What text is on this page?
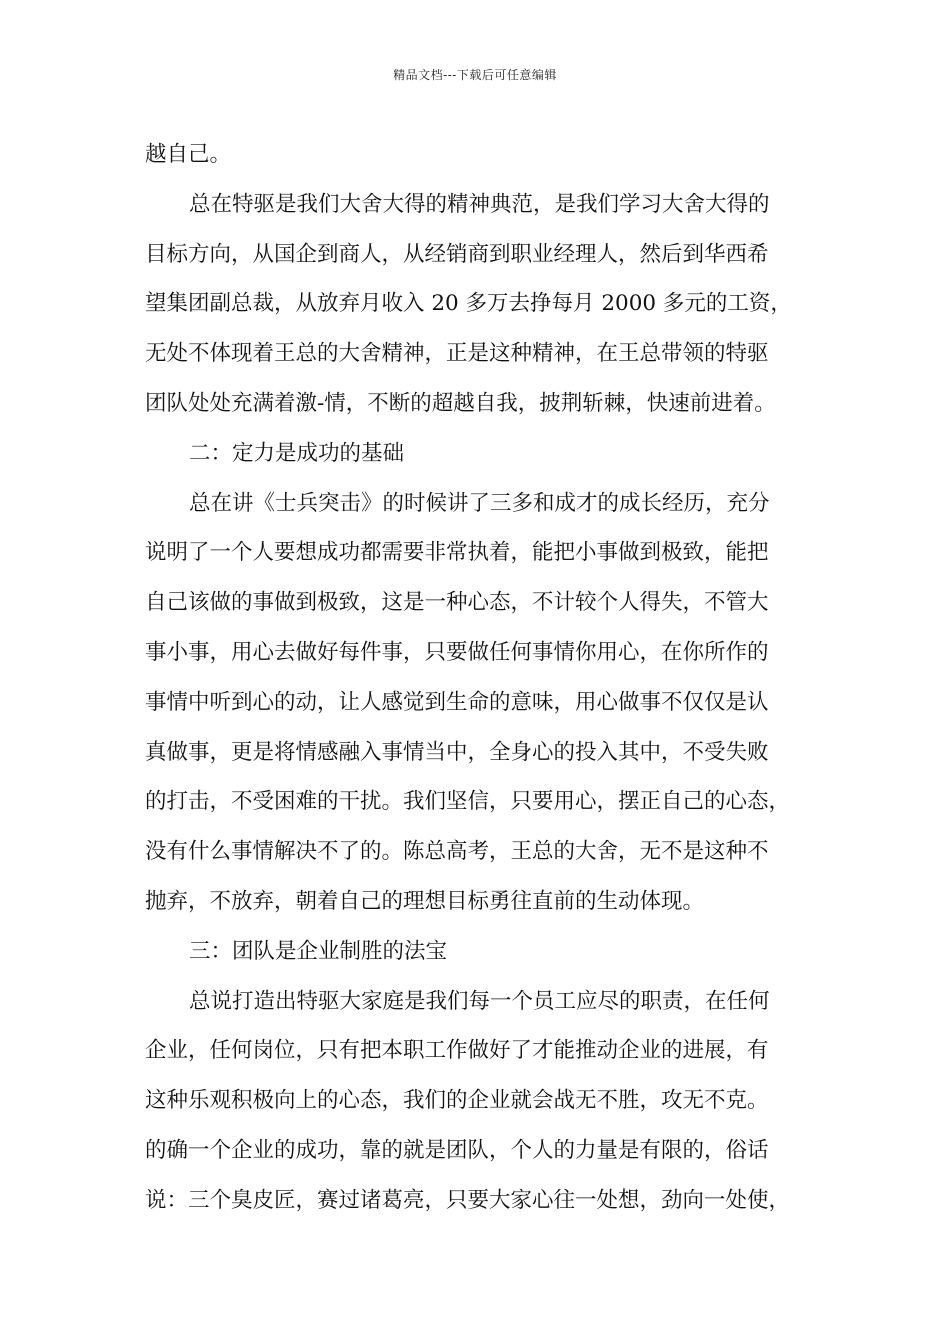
精品文档---下载后可任意编辑
越自己。
总在特驱是我们大舍大得的精神典范，是我们学习大舍大得的
目标方向，从国企到商人，从经销商到职业经理人，然后到华西希
望集团副总裁，从放弃月收入 20 多万去挣每月 2000 多元的工资，
无处不体现着王总的大舍精神，正是这种精神，在王总带领的特驱
团队处处充满着激-情，不断的超越自我，披荆斩棘，快速前进着。
二：定力是成功的基础
总在讲《士兵突击》的时候讲了三多和成才的成长经历，充分
说明了一个人要想成功都需要非常执着，能把小事做到极致，能把
自己该做的事做到极致，这是一种心态，不计较个人得失，不管大
事小事，用心去做好每件事，只要做任何事情你用心，在你所作的
事情中听到心的动，让人感觉到生命的意味，用心做事不仅仅是认
真做事，更是将情感融入事情当中，全身心的投入其中，不受失败
的打击，不受困难的干扰。我们坚信，只要用心，摆正自己的心态，
没有什么事情解决不了的。陈总高考，王总的大舍，无不是这种不
抛弃，不放弃，朝着自己的理想目标勇往直前的生动体现。
三：团队是企业制胜的法宝
总说打造出特驱大家庭是我们每一个员工应尽的职责，在任何
企业，任何岗位，只有把本职工作做好了才能推动企业的进展，有
这种乐观积极向上的心态，我们的企业就会战无不胜，攻无不克。
的确一个企业的成功，靠的就是团队，个人的力量是有限的，俗话
说：三个臭皮匠，赛过诸葛亮，只要大家心往一处想，劲向一处使，
